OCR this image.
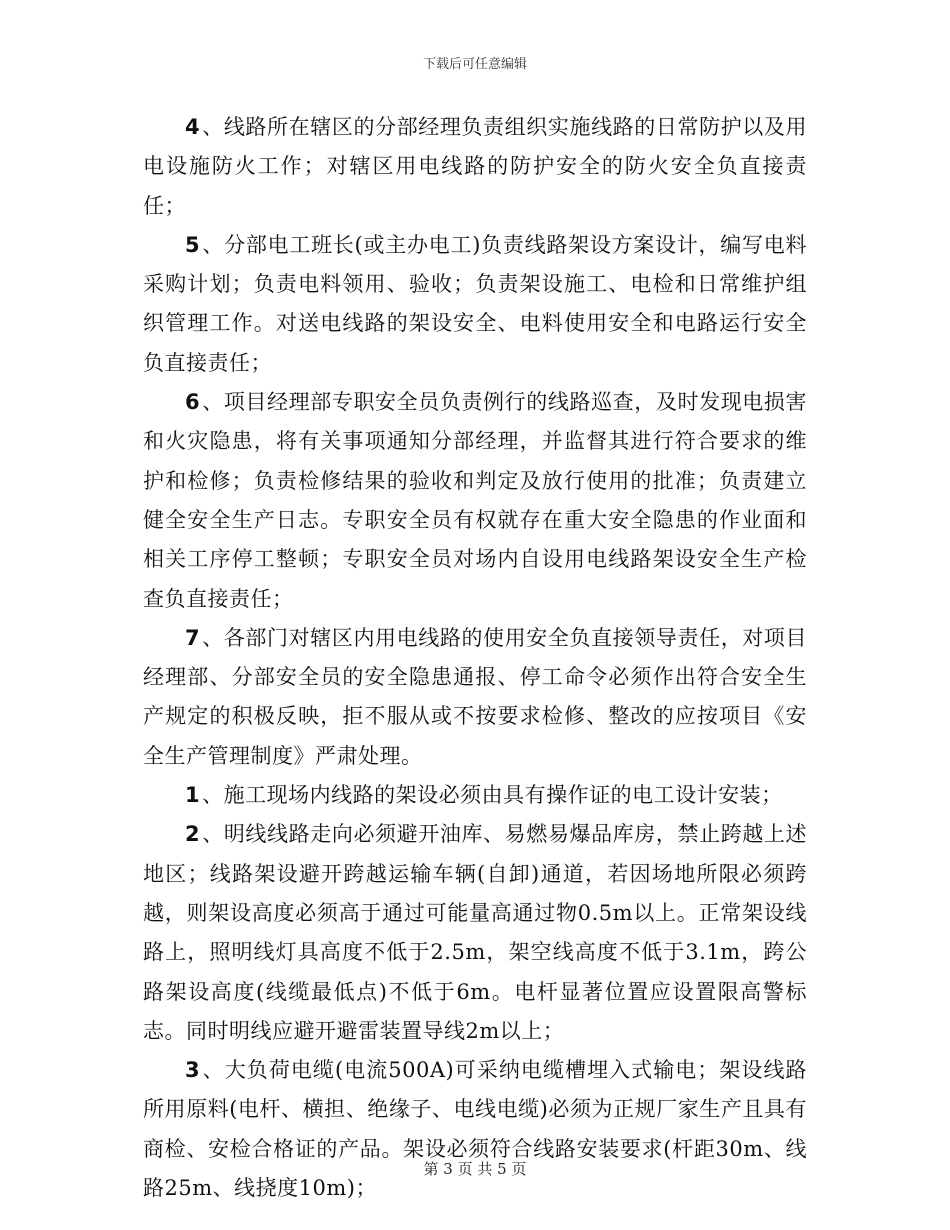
下载后可任意编辑

4、线路所在辖区的分部经理负责组织实施线路的日常防护以及用电设施防火工作；对辖区用电线路的防护安全的防火安全负直接责任；

5、分部电工班长(或主办电工)负责线路架设方案设计，编写电料采购计划；负责电料领用、验收；负责架设施工、电检和日常维护组织管理工作。对送电线路的架设安全、电料使用安全和电路运行安全负直接责任；

6、项目经理部专职安全员负责例行的线路巡查，及时发现电损害和火灾隐患，将有关事项通知分部经理，并监督其进行符合要求的维护和检修；负责检修结果的验收和判定及放行使用的批准；负责建立健全安全生产日志。专职安全员有权就存在重大安全隐患的作业面和相关工序停工整顿；专职安全员对场内自设用电线路架设安全生产检查负直接责任；

7、各部门对辖区内用电线路的使用安全负直接领导责任，对项目经理部、分部安全员的安全隐患通报、停工命令必须作出符合安全生产规定的积极反映，拒不服从或不按要求检修、整改的应按项目《安全生产管理制度》严肃处理。

1、施工现场内线路的架设必须由具有操作证的电工设计安装；

2、明线线路走向必须避开油库、易燃易爆品库房，禁止跨越上述地区；线路架设避开跨越运输车辆(自卸)通道，若因场地所限必须跨越，则架设高度必须高于通过可能量高通过物0.5m以上。正常架设线路上，照明线灯具高度不低于2.5m，架空线高度不低于3.1m，跨公路架设高度(线缆最低点)不低于6m。电杆显著位置应设置限高警标志。同时明线应避开避雷装置导线2m以上；

3、大负荷电缆(电流500A)可采纳电缆槽埋入式输电；架设线路所用原料(电杆、横担、绝缘子、电线电缆)必须为正规厂家生产且具有商检、安检合格证的产品。架设必须符合线路安装要求(杆距30m、线路25m、线挠度10m)；

第 3 页 共 5 页
